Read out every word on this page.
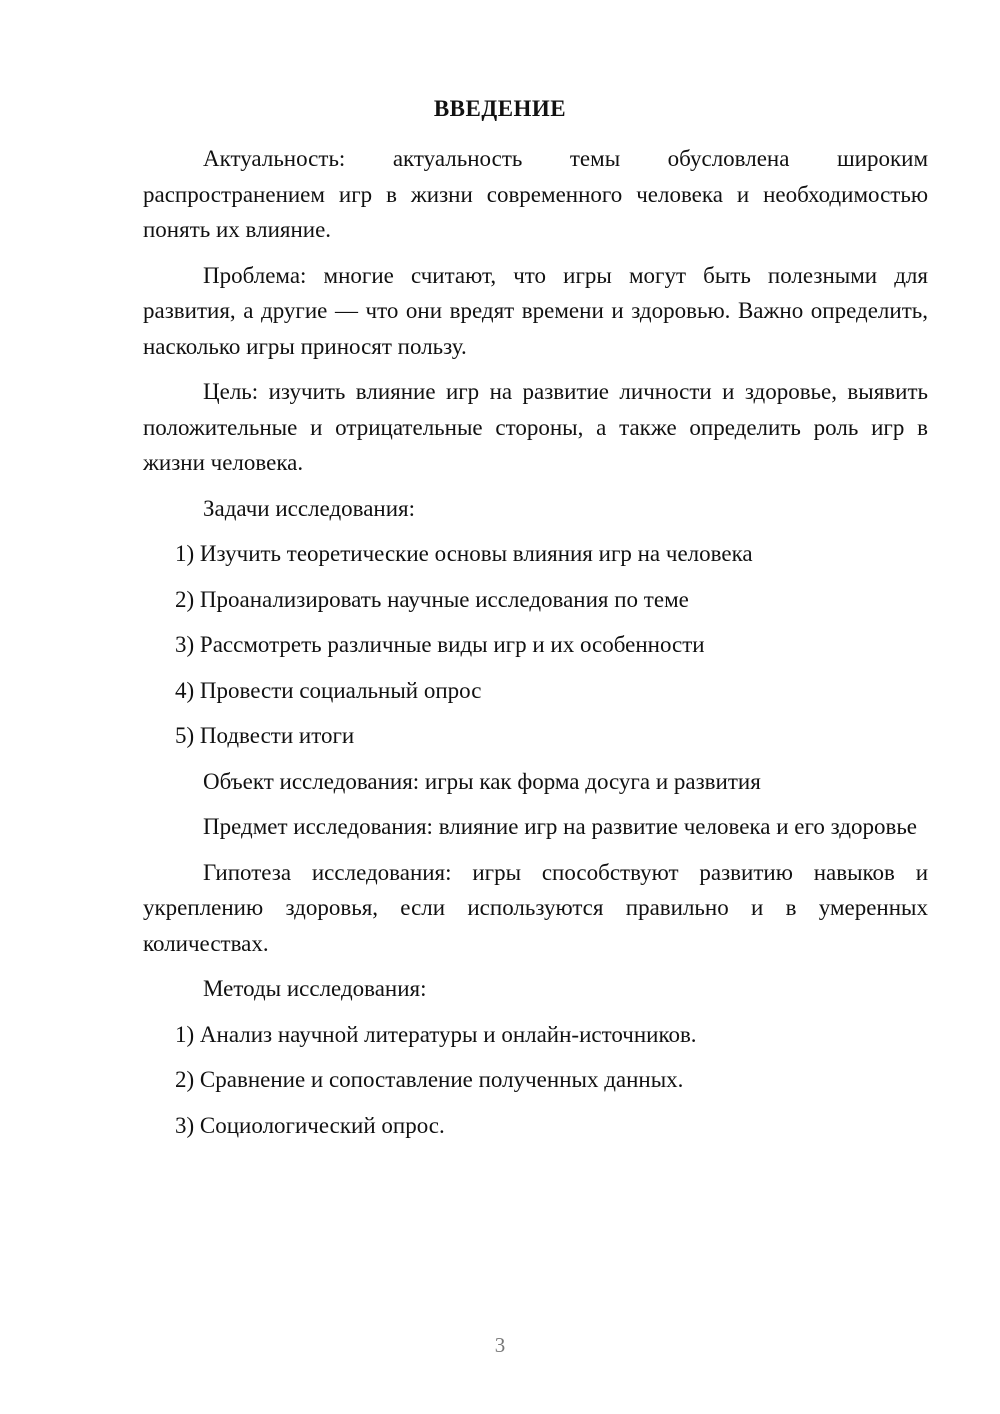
ВВЕДЕНИЕ

Актуальность: актуальность темы обусловлена широким распространением игр в жизни современного человека и необходимостью понять их влияние.

Проблема: многие считают, что игры могут быть полезными для развития, а другие — что они вредят времени и здоровью. Важно определить, насколько игры приносят пользу.

Цель: изучить влияние игр на развитие личности и здоровье, выявить положительные и отрицательные стороны, а также определить роль игр в жизни человека.

Задачи исследования:

1) Изучить теоретические основы влияния игр на человека
2) Проанализировать научные исследования по теме
3) Рассмотреть различные виды игр и их особенности
4) Провести социальный опрос
5) Подвести итоги

Объект исследования: игры как форма досуга и развития

Предмет исследования: влияние игр на развитие человека и его здоровье

Гипотеза исследования: игры способствуют развитию навыков и укреплению здоровья, если используются правильно и в умеренных количествах.

Методы исследования:

1) Анализ научной литературы и онлайн-источников.
2) Сравнение и сопоставление полученных данных.
3) Социологический опрос.
3
